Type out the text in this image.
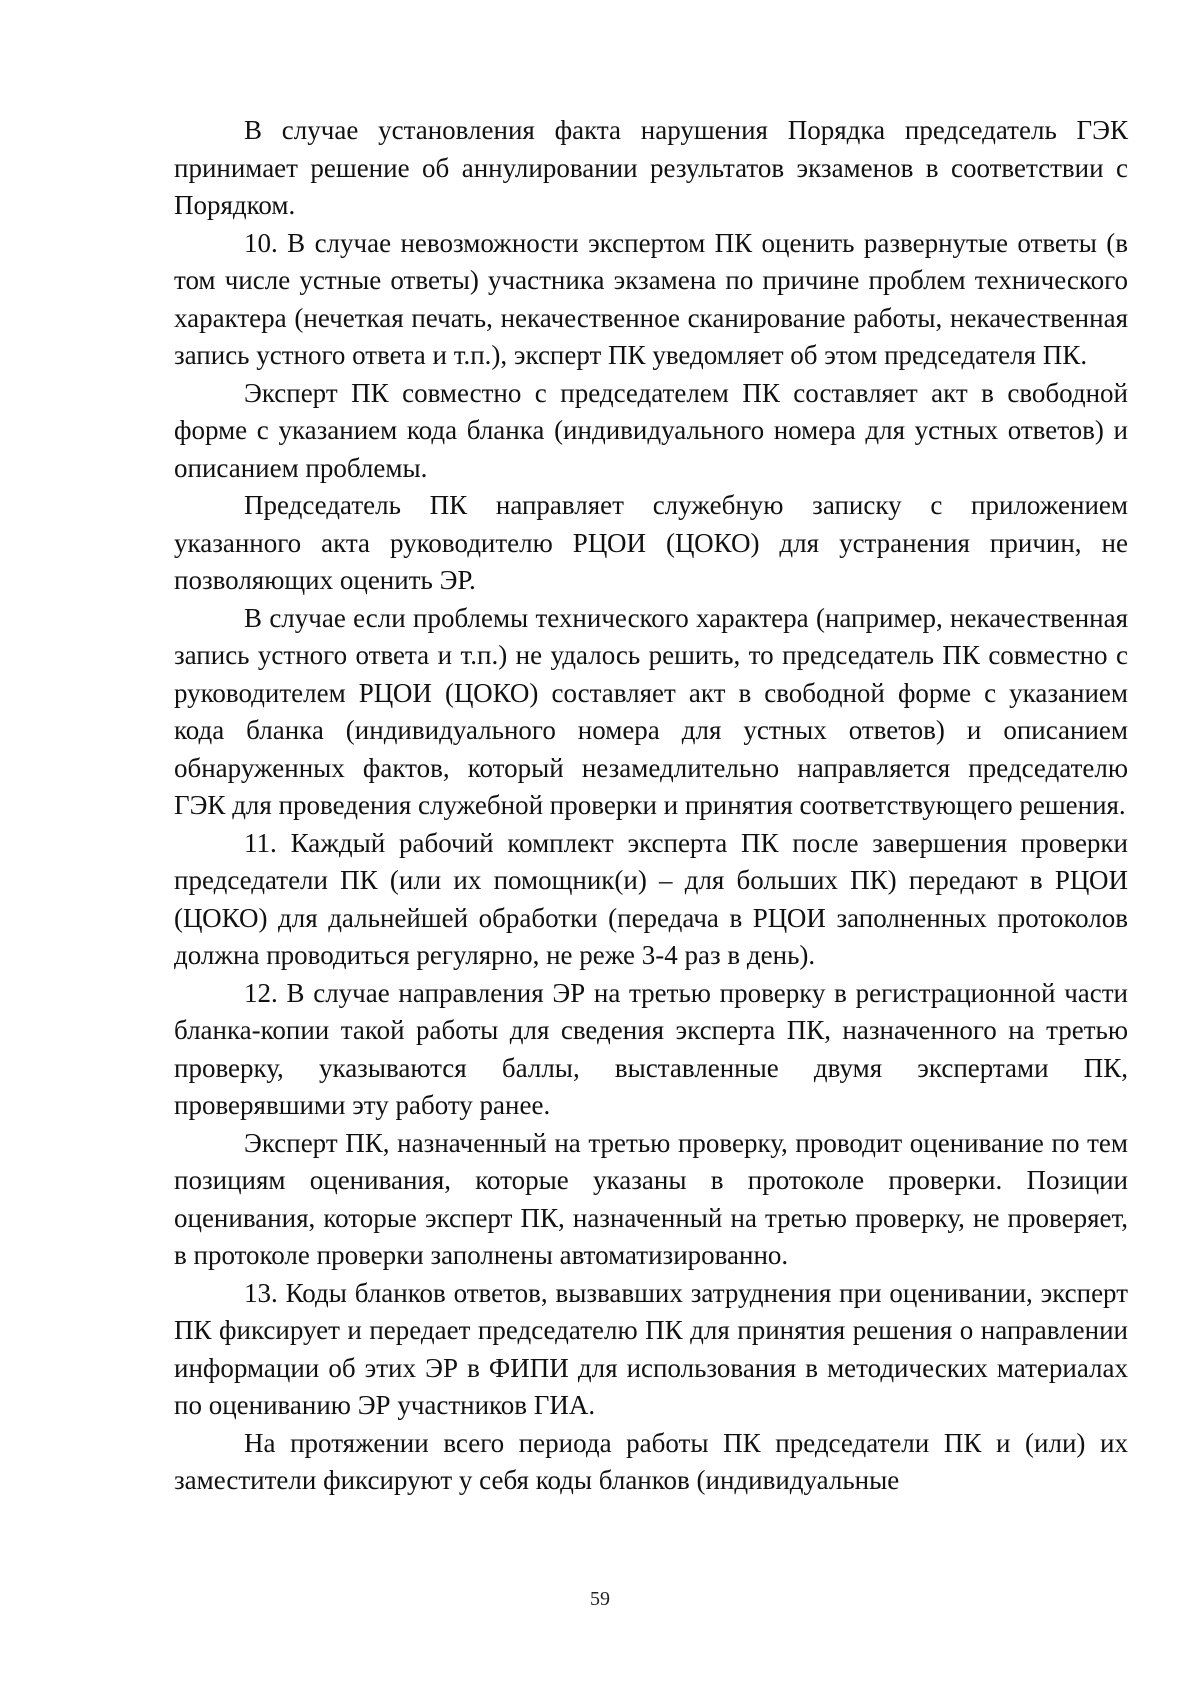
В случае установления факта нарушения Порядка председатель ГЭК принимает решение об аннулировании результатов экзаменов в соответствии с Порядком.

10. В случае невозможности экспертом ПК оценить развернутые ответы (в том числе устные ответы) участника экзамена по причине проблем технического характера (нечеткая печать, некачественное сканирование работы, некачественная запись устного ответа и т.п.), эксперт ПК уведомляет об этом председателя ПК.

Эксперт ПК совместно с председателем ПК составляет акт в свободной форме с указанием кода бланка (индивидуального номера для устных ответов) и описанием проблемы.

Председатель ПК направляет служебную записку с приложением указанного акта руководителю РЦОИ (ЦОКО) для устранения причин, не позволяющих оценить ЭР.

В случае если проблемы технического характера (например, некачественная запись устного ответа и т.п.) не удалось решить, то председатель ПК совместно с руководителем РЦОИ (ЦОКО) составляет акт в свободной форме с указанием кода бланка (индивидуального номера для устных ответов) и описанием обнаруженных фактов, который незамедлительно направляется председателю ГЭК для проведения служебной проверки и принятия соответствующего решения.

11. Каждый рабочий комплект эксперта ПК после завершения проверки председатели ПК (или их помощник(и) – для больших ПК) передают в РЦОИ (ЦОКО) для дальнейшей обработки (передача в РЦОИ заполненных протоколов должна проводиться регулярно, не реже 3-4 раз в день).

12. В случае направления ЭР на третью проверку в регистрационной части бланка-копии такой работы для сведения эксперта ПК, назначенного на третью проверку, указываются баллы, выставленные двумя экспертами ПК, проверявшими эту работу ранее.

Эксперт ПК, назначенный на третью проверку, проводит оценивание по тем позициям оценивания, которые указаны в протоколе проверки. Позиции оценивания, которые эксперт ПК, назначенный на третью проверку, не проверяет, в протоколе проверки заполнены автоматизированно.

13. Коды бланков ответов, вызвавших затруднения при оценивании, эксперт ПК фиксирует и передает председателю ПК для принятия решения о направлении информации об этих ЭР в ФИПИ для использования в методических материалах по оцениванию ЭР участников ГИА.

На протяжении всего периода работы ПК председатели ПК и (или) их заместители фиксируют у себя коды бланков (индивидуальные

59
